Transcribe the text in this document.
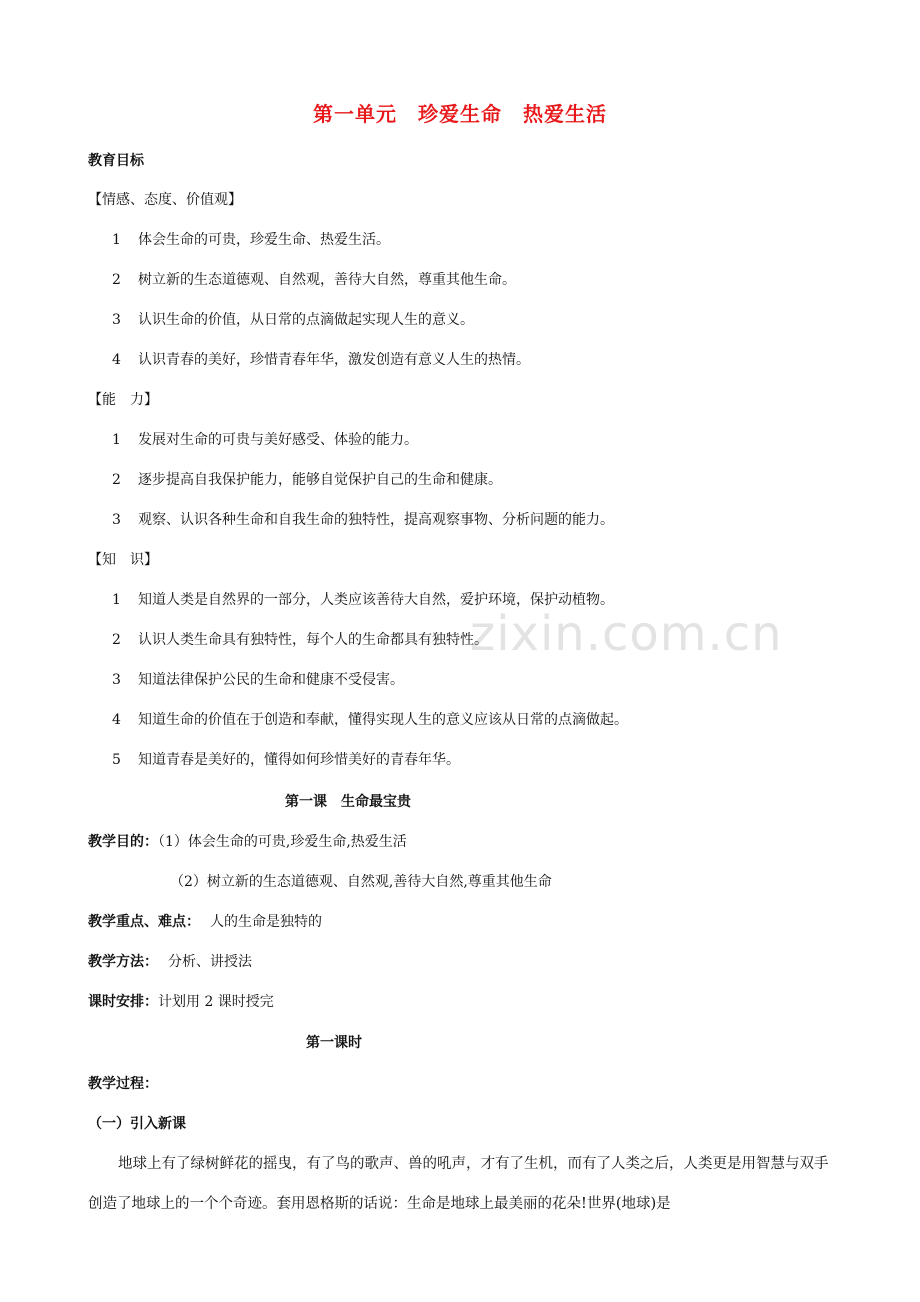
zixin.com.cn
第一单元　珍爱生命　热爱生活
教育目标
【情感、态度、价值观】
1 体会生命的可贵，珍爱生命、热爱生活。
2 树立新的生态道德观、自然观，善待大自然，尊重其他生命。
3 认识生命的价值，从日常的点滴做起实现人生的意义。
4 认识青春的美好，珍惜青春年华，激发创造有意义人生的热情。
【能　力】
1 发展对生命的可贵与美好感受、体验的能力。
2 逐步提高自我保护能力，能够自觉保护自己的生命和健康。
3 观察、认识各种生命和自我生命的独特性，提高观察事物、分析问题的能力。
【知　识】
1 知道人类是自然界的一部分，人类应该善待大自然，爱护环境，保护动植物。
2 认识人类生命具有独特性，每个人的生命都具有独特性。
3 知道法律保护公民的生命和健康不受侵害。
4 知道生命的价值在于创造和奉献，懂得实现人生的意义应该从日常的点滴做起。
5 知道青春是美好的，懂得如何珍惜美好的青春年华。
第一课　生命最宝贵
教学目的：（1）体会生命的可贵,珍爱生命,热爱生活
（2）树立新的生态道德观、自然观,善待大自然,尊重其他生命
教学重点、难点： 人的生命是独特的
教学方法： 分析、讲授法
课时安排：计划用 2 课时授完
第一课时
教学过程：
（一）引入新课

地球上有了绿树鲜花的摇曳，有了鸟的歌声、兽的吼声，才有了生机，而有了人类之后，人类更是用智慧与双手创造了地球上的一个个奇迹。套用恩格斯的话说：生命是地球上最美丽的花朵!世界(地球)是
